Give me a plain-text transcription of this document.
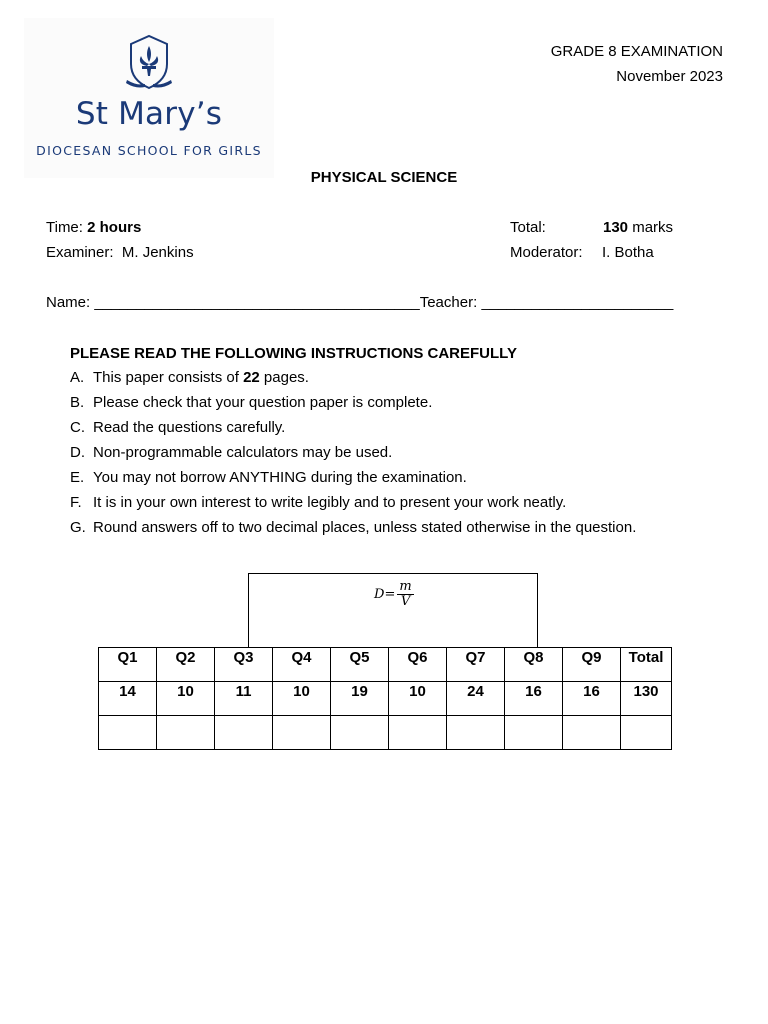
St Mary’s
DIOCESAN SCHOOL FOR GIRLS
GRADE 8 EXAMINATION
November 2023
PHYSICAL SCIENCE
Time: 2 hours	Total:	130 marks
Examiner: M. Jenkins	Moderator: I. Botha
Name: _______________________________________Teacher: _______________________
PLEASE READ THE FOLLOWING INSTRUCTIONS CAREFULLY
A. This paper consists of 22 pages.
B. Please check that your question paper is complete.
C. Read the questions carefully.
D. Non-programmable calculators may be used.
E. You may not borrow ANYTHING during the examination.
F. It is in your own interest to write legibly and to present your work neatly.
G. Round answers off to two decimal places, unless stated otherwise in the question.
$D = \frac{m}{V}$
Q1	Q2	Q3	Q4	Q5	Q6	Q7	Q8	Q9	Total
14	10	11	10	19	10	24	16	16	130
